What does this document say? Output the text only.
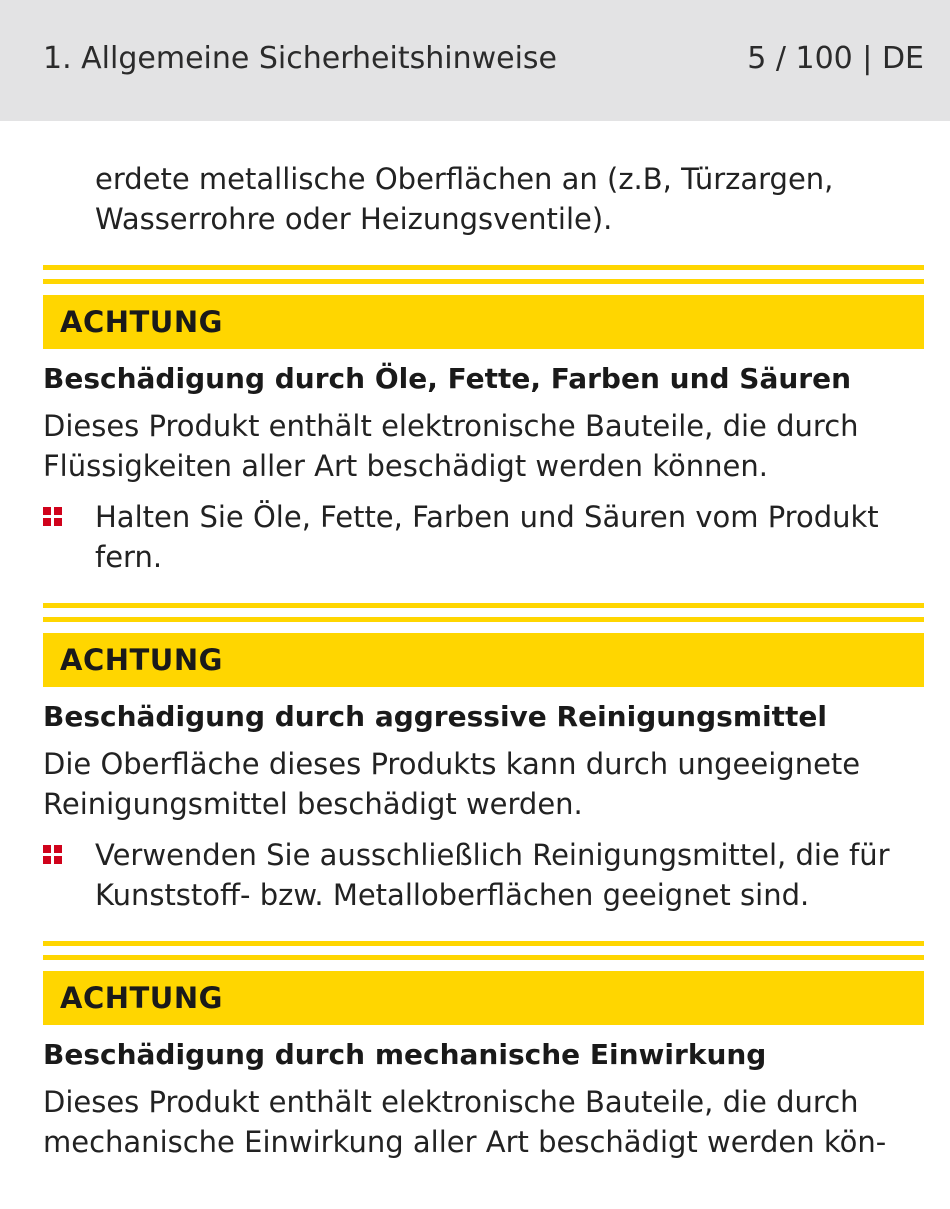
1. Allgemeine Sicherheitshinweise	5 / 100 | DE
erdete metallische Oberflächen an (z.B, Türzargen, Wasserrohre oder Heizungsventile).
ACHTUNG
Beschädigung durch Öle, Fette, Farben und Säuren
Dieses Produkt enthält elektronische Bauteile, die durch Flüssigkeiten aller Art beschädigt werden können.
Halten Sie Öle, Fette, Farben und Säuren vom Produkt fern.
ACHTUNG
Beschädigung durch aggressive Reinigungsmittel
Die Oberfläche dieses Produkts kann durch ungeeignete Reinigungsmittel beschädigt werden.
Verwenden Sie ausschließlich Reinigungsmittel, die für Kunststoff- bzw. Metalloberflächen geeignet sind.
ACHTUNG
Beschädigung durch mechanische Einwirkung
Dieses Produkt enthält elektronische Bauteile, die durch mechanische Einwirkung aller Art beschädigt werden kön-
